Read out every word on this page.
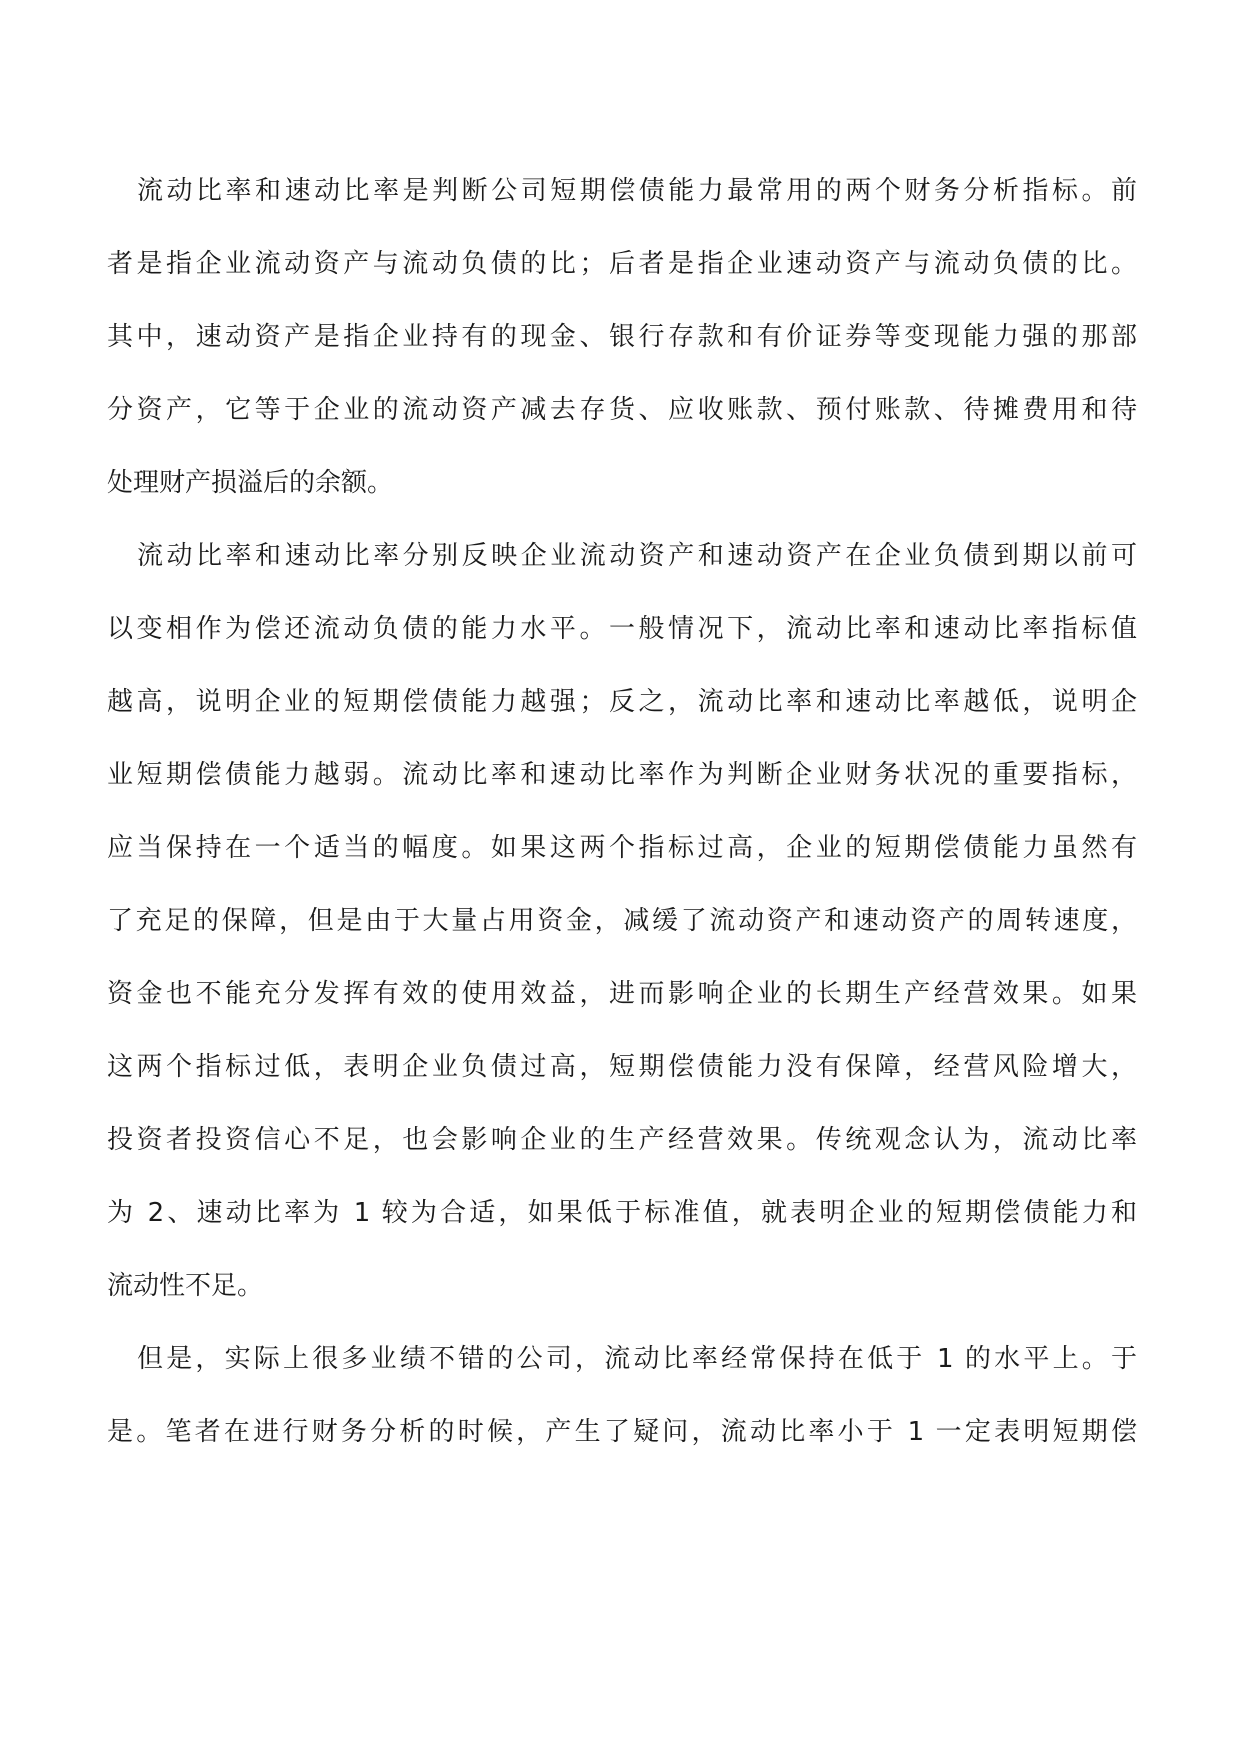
流动比率和速动比率是判断公司短期偿债能力最常用的两个财务分析指标。前
者是指企业流动资产与流动负债的比；后者是指企业速动资产与流动负债的比。
其中，速动资产是指企业持有的现金、银行存款和有价证券等变现能力强的那部
分资产，它等于企业的流动资产减去存货、应收账款、预付账款、待摊费用和待
处理财产损溢后的余额。
流动比率和速动比率分别反映企业流动资产和速动资产在企业负债到期以前可
以变相作为偿还流动负债的能力水平。一般情况下，流动比率和速动比率指标值
越高，说明企业的短期偿债能力越强；反之，流动比率和速动比率越低，说明企
业短期偿债能力越弱。流动比率和速动比率作为判断企业财务状况的重要指标，
应当保持在一个适当的幅度。如果这两个指标过高，企业的短期偿债能力虽然有
了充足的保障，但是由于大量占用资金，减缓了流动资产和速动资产的周转速度，
资金也不能充分发挥有效的使用效益，进而影响企业的长期生产经营效果。如果
这两个指标过低，表明企业负债过高，短期偿债能力没有保障，经营风险增大，
投资者投资信心不足，也会影响企业的生产经营效果。传统观念认为，流动比率
为 2、速动比率为 1 较为合适，如果低于标准值，就表明企业的短期偿债能力和
流动性不足。
但是，实际上很多业绩不错的公司，流动比率经常保持在低于 1 的水平上。于
是。笔者在进行财务分析的时候，产生了疑问，流动比率小于 1 一定表明短期偿
